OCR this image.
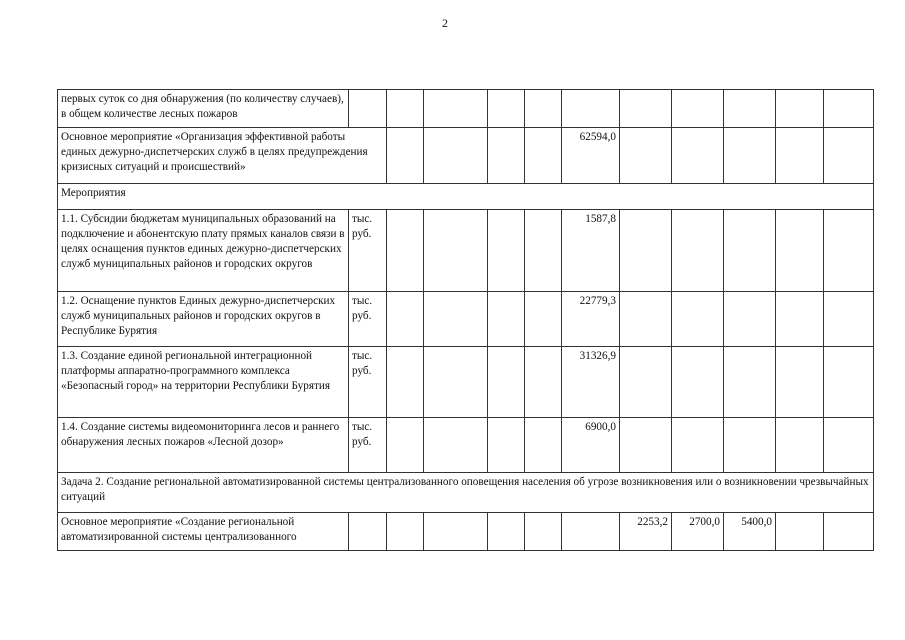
2
первых суток со дня обнаружения (по количеству случаев), в общем количестве лесных пожаров											
Основное мероприятие «Организация эффективной работы единых дежурно-диспетчерских служб в целях предупреждения кризисных ситуаций и происшествий»						62594,0					
Мероприятия											
1.1. Субсидии бюджетам муниципальных образований на подключение и абонентскую плату прямых каналов связи в целях оснащения пунктов единых дежурно-диспетчерских служб муниципальных районов и городских округов	тыс. руб.					1587,8					
1.2. Оснащение пунктов Единых дежурно-диспетчерских служб муниципальных районов и городских округов в Республике Бурятия	тыс. руб.					22779,3					
1.3. Создание единой региональной интеграционной платформы аппаратно-программного комплекса «Безопасный город» на территории Республики Бурятия	тыс. руб.					31326,9					
1.4. Создание системы видеомониторинга лесов и раннего обнаружения лесных пожаров «Лесной дозор»	тыс. руб.					6900,0					
Задача 2. Создание региональной автоматизированной системы централизованного оповещения населения об угрозе возникновения или о возникновении чрезвычайных ситуаций											
Основное мероприятие «Создание региональной автоматизированной системы централизованного							2253,2	2700,0	5400,0		
